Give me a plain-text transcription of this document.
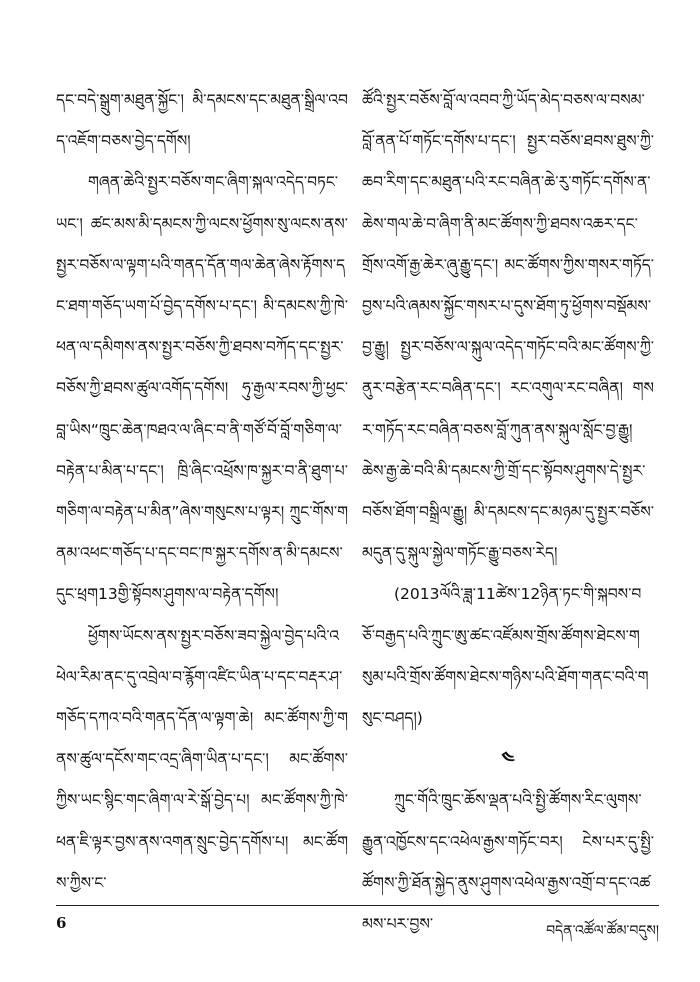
དང་བདེ་སྒྲུག་མཐུན་སྐྱོང་། མི་དམངས་དང་མཐུན་སྒྲིལ་འབད་འཇོག་བཅས་བྱེད་དགོས།

གཞན་ཆེའི་སྤྱར་བཅོས་གང་ཞིག་སྐལ་འདེད་བཏང་ཡང་། ཚང་མས་མི་དམངས་ཀྱི་ལངས་ཕྱོགས་སུ་ལངས་ནས་སྤྱར་བཅོས་ལ་ལྟག་པའི་གནད་དོན་གལ་ཆེན་ཞེས་རྟོགས་དང་ཐག་གཅོད་ཡག་པོ་བྱེད་དགོས་པ་དང་། མི་དམངས་ཀྱི་ཁེ་ཕན་ལ་དམིགས་ནས་སྤྱར་བཅོས་ཀྱི་ཐབས་བཀོད་དང་སྤྱར་བཅོས་ཀྱི་ཐབས་ཚུལ་འགོད་དགོས། ཧུ་རྒྱལ་རབས་ཀྱི་ཕྱང་བླ་ཡིས“ཁྲུང་ཆེན་ཁཐའ་ལ་ཞིང་བ་ནི་གཙོ་བོ་བློ་གཅིག་ལ་བརྟེན་པ་མིན་པ་དང་། ཁྲི་ཞིང་འཕྲོས་ཁ་སྐྱར་བ་ནི་ཐུག་པ་གཅིག་ལ་བརྟེན་པ་མིན”ཞེས་གསུངས་པ་ལྟར། ཀྲུང་གོས་གནམ་འཕང་གཅོད་པ་དང་བང་ཁ་སྐྱར་དགོས་ན་མི་དམངས་དུང་ཕྲག13གྱི་སྟོབས་ཤུགས་ལ་བརྟེན་དགོས།

ཕྱོགས་ཡོངས་ནས་སྤྱར་བཅོས་ཟབ་སྐྱེལ་བྱེད་པའི་འཕེལ་རིམ་ནང་དུ་འབྲེལ་བ་རྙོག་འཛིང་ཡིན་པ་དང་བརྡར་ཤ་གཅོད་དཀའ་བའི་གནད་དོན་ལ་ལྟག་ཆེ། མང་ཚོགས་ཀྱི་གནས་ཚུལ་དངོས་གང་འདྲ་ཞིག་ཡིན་པ་དང་། མང་ཚོགས་ཀྱིས་ཡང་སྙིང་གང་ཞིག་ལ་རེ་སྒོ་བྱེད་པ། མང་ཚོགས་ཀྱི་ཁེ་ཕན་ཇི་ལྟར་བྱས་ནས་འགན་སྲུང་བྱེད་དགོས་པ། མང་ཚོགས་ཀྱིས་ང་

ཚོའི་སྤྱར་བཅོས་བློ་ལ་འབབ་ཀྱི་ཡོད་མེད་བཅས་ལ་བསམ་བློ་ནན་པོ་གཏོང་དགོས་པ་དང་། སྤྱར་བཅོས་ཐབས་ཐུས་ཀྱི་ཆབ་རིག་དང་མཐུན་པའི་རང་བཞིན་ཆེ་རུ་གཏོང་དགོས་ན་ཆེས་གལ་ཆེ་བ་ཞིག་ནི་མང་ཚོགས་ཀྱི་ཐབས་འཆར་དང་གྲོས་འགོ་རྒྱ་ཆེར་ཞུ་རྒྱུ་དང་། མང་ཚོགས་ཀྱིས་གསར་གཏོད་བྱས་པའི་ཞམས་སྐྱོང་གསར་པ་དུས་ཐོག་ཏུ་ཕྱོགས་བསྡོམས་བྱ་རྒྱུ། སྤྱར་བཅོས་ལ་སྐུལ་འདེད་གཏོང་བའི་མང་ཚོགས་ཀྱི་ནུར་བརྩེན་རང་བཞིན་དང་། རང་འགུལ་རང་བཞིན། གསར་གཏོད་རང་བཞིན་བཅས་བློ་ཀུན་ནས་སྐུལ་སློང་བྱ་རྒྱུ། ཆེས་རྒྱ་ཆེ་བའི་མི་དམངས་ཀྱི་གྲོ་དང་སྟོབས་ཤུགས་དེ་སྤྱར་བཅོས་ཐོག་བསྒྲིལ་རྒྱུ། མི་དམངས་དང་མཉམ་དུ་སྤྱར་བཅོས་མདུན་དུ་སྐུལ་སྐྱེལ་གཏོང་རྒྱུ་བཅས་རེད།

(2013ལོའི་ཟླ་11ཚེས་12ཉིན་ཏང་གི་སྐབས་བཅོ་བརྒྱད་པའི་ཀྲུང་ཨུ་ཚང་འཛོམས་གྲོས་ཚོགས་ཐེངས་གསུམ་པའི་གྲོས་ཚོགས་ཐེངས་གཉིས་པའི་ཐོག་གནང་བའི་གསུང་བཤད།)

༤

ཀྲུང་གོའི་ཁྲུང་ཆོས་ལྡན་པའི་སྤྱི་ཚོགས་རིང་ལུགས་རྒྱུན་འཁྱོངས་དང་འཕེལ་རྒྱས་གཏོང་བར། ངེས་པར་དུ་སྤྱི་ཚོགས་ཀྱི་ཐོན་སྐྱེད་ནུས་ཤུགས་འཕེལ་རྒྱས་འགྲོ་བ་དང་འཚམས་པར་བྱས་

6	བདེན་འཚོལ་ཚོམ་བདུས།
